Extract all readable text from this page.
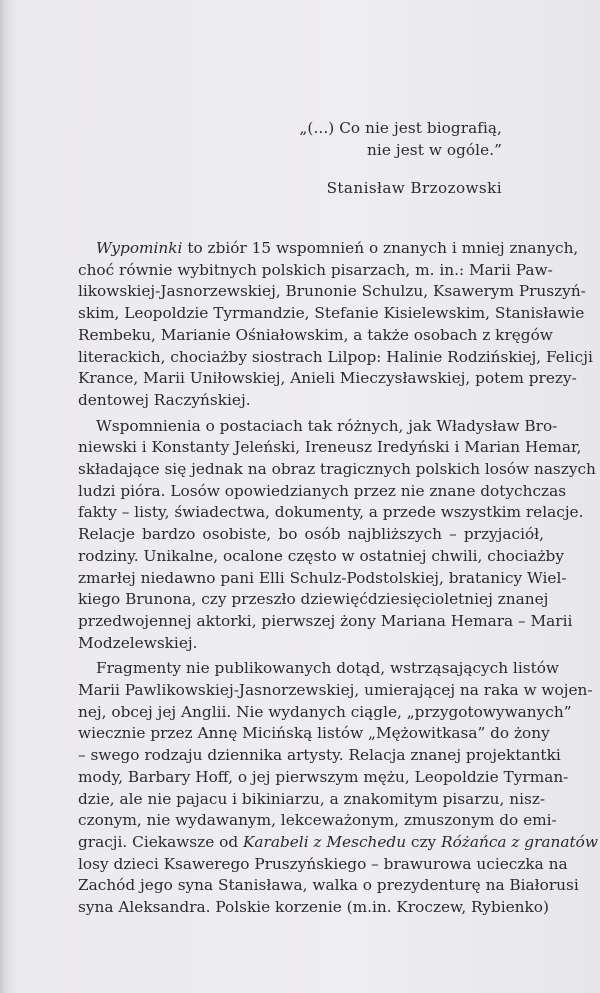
„(...) Co nie jest biografią,
nie jest w ogóle.”
Stanisław Brzozowski

Wypominki to zbiór 15 wspomnień o znanych i mniej znanych,
choć równie wybitnych polskich pisarzach, m. in.: Marii Paw-
likowskiej-Jasnorzewskiej, Brunonie Schulzu, Ksawerym Pruszyń-
skim, Leopoldzie Tyrmandzie, Stefanie Kisielewskim, Stanisławie
Rembeku, Marianie Ośniałowskim, a także osobach z kręgów
literackich, chociażby siostrach Lilpop: Halinie Rodzińskiej, Felicji
Krance, Marii Uniłowskiej, Anieli Mieczysławskiej, potem prezy-
dentowej Raczyńskiej.

Wspomnienia o postaciach tak różnych, jak Władysław Bro-
niewski i Konstanty Jeleński, Ireneusz Iredyński i Marian Hemar,
składające się jednak na obraz tragicznych polskich losów naszych
ludzi pióra. Losów opowiedzianych przez nie znane dotychczas
fakty – listy, świadectwa, dokumenty, a przede wszystkim relacje.
Relacje bardzo osobiste, bo osób najbliższych – przyjaciół,
rodziny. Unikalne, ocalone często w ostatniej chwili, chociażby
zmarłej niedawno pani Elli Schulz-Podstolskiej, bratanicy Wiel-
kiego Brunona, czy przeszło dziewięćdziesięcioletniej znanej
przedwojennej aktorki, pierwszej żony Mariana Hemara – Marii
Modzelewskiej.

Fragmenty nie publikowanych dotąd, wstrząsających listów
Marii Pawlikowskiej-Jasnorzewskiej, umierającej na raka w wojen-
nej, obcej jej Anglii. Nie wydanych ciągle, „przygotowywanych”
wiecznie przez Annę Micińską listów „Mężowitkasa” do żony
– swego rodzaju dziennika artysty. Relacja znanej projektantki
mody, Barbary Hoff, o jej pierwszym mężu, Leopoldzie Tyrman-
dzie, ale nie pajacu i bikiniarzu, a znakomitym pisarzu, nisz-
czonym, nie wydawanym, lekceważonym, zmuszonym do emi-
gracji. Ciekawsze od Karabeli z Meschedu czy Różańca z granatów
losy dzieci Ksawerego Pruszyńskiego – brawurowa ucieczka na
Zachód jego syna Stanisława, walka o prezydenturę na Białorusi
syna Aleksandra. Polskie korzenie (m.in. Kroczew, Rybienko)
